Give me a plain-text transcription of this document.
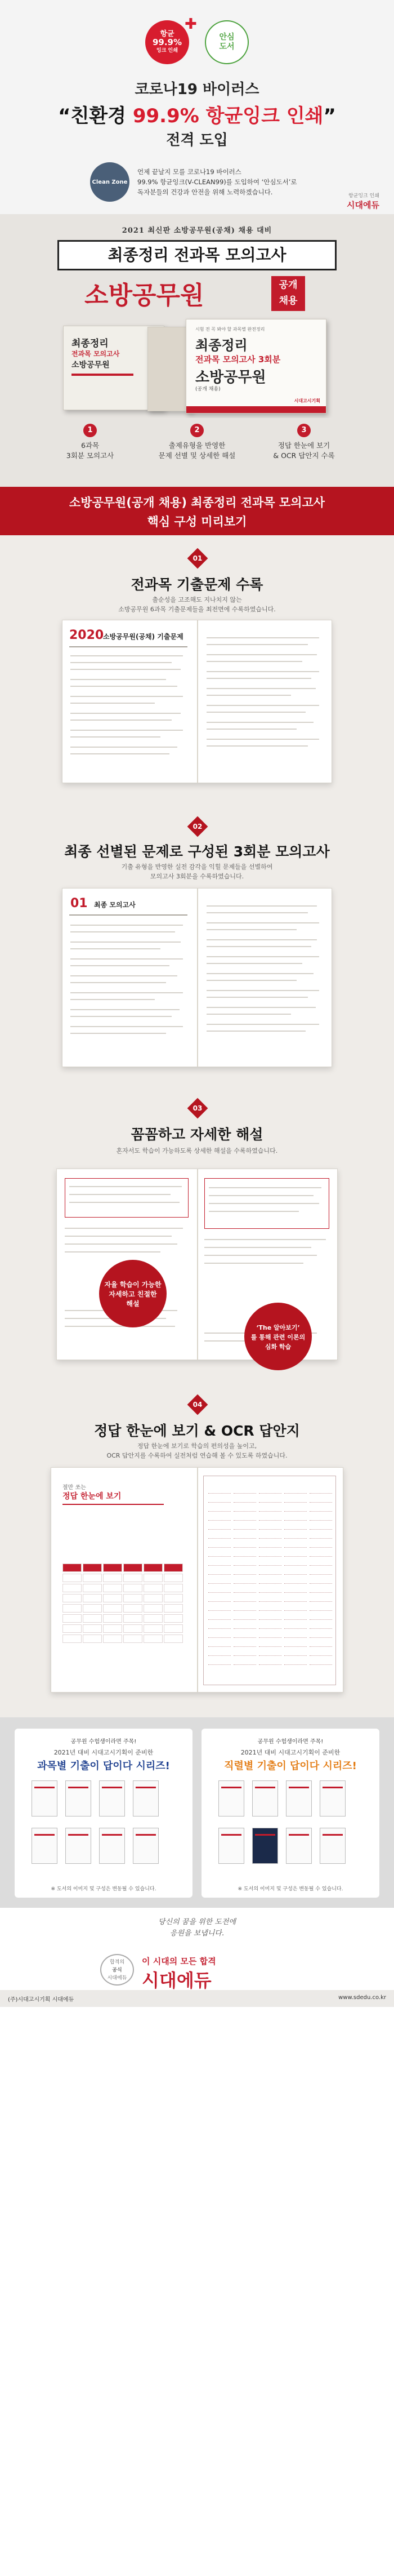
항균
99.9%
잉크 인쇄
✚
안심
도서
코로나19 바이러스
“친환경 99.9% 항균잉크 인쇄”
전격 도입
Clean Zone
언제 끝날지 모를 코로나19 바이러스
99.9% 항균잉크(V-CLEAN99)를 도입하여 ‘안심도서’로
독자분들의 건강과 안전을 위해 노력하겠습니다.	항균잉크 인쇄
시대에듀
2021 최신판 소방공무원(공채) 채용 대비
최종정리 전과목 모의고사
소방공무원	공개
채용
최종정리
전과목 모의고사
소방공무원
시험 전 꼭 봐야 할 과목별 완전정리
최종정리
전과목 모의고사 3회분
소방공무원
(공개 채용)
시대고시기획
1
6과목
3회분 모의고사
2
출제유형을 반영한
문제 선별 및 상세한 해설
3
정답 한눈에 보기
& OCR 답안지 수록
소방공무원(공개 채용) 최종정리 전과목 모의고사
핵심 구성 미리보기
01
전과목 기출문제 수록
출순성을 고조해도 지나치지 않는
소방공무원 6과목 기출문제들을 최전면에 수록하였습니다.
2020
소방공무원(공채) 기출문제
02
최종 선별된 문제로 구성된 3회분 모의고사
기출 유형을 반영한 실전 감각을 익힐 문제들을 선별하여
모의고사 3회분을 수록하였습니다.
01 최종 모의고사
03
꼼꼼하고 자세한 해설
혼자서도 학습이 가능하도록 상세한 해설을 수록하였습니다.
자율 학습이 가능한
자세하고 친절한
해설
‘The 알아보기’
를 통해 관련 이론의
심화 학습
04
정답 한눈에 보기 & OCR 답안지
정답 한눈에 보기로 학습의 편의성을 높이고,
OCR 답안지를 수록하여 실전처럼 연습해 볼 수 있도록 하였습니다.
절만 쏘는
정답 한눈에 보기
공무원 수험생이라면 주목!
2021년 대비 시대고시기획이 준비한
과목별 기출이 답이다 시리즈!
※ 도서의 이미지 및 구성은 변동될 수 있습니다.
공무원 수험생이라면 주목!
2021년 대비 시대고시기획이 준비한
직렬별 기출이 답이다 시리즈!
※ 도서의 이미지 및 구성은 변동될 수 있습니다.
당신의 꿈을 위한 도전에
응원을 보냅니다.
합격의
공식
시대에듀
이 시대의 모든 합격
시대에듀
(주)시대고시기획 시대에듀	www.sdedu.co.kr
